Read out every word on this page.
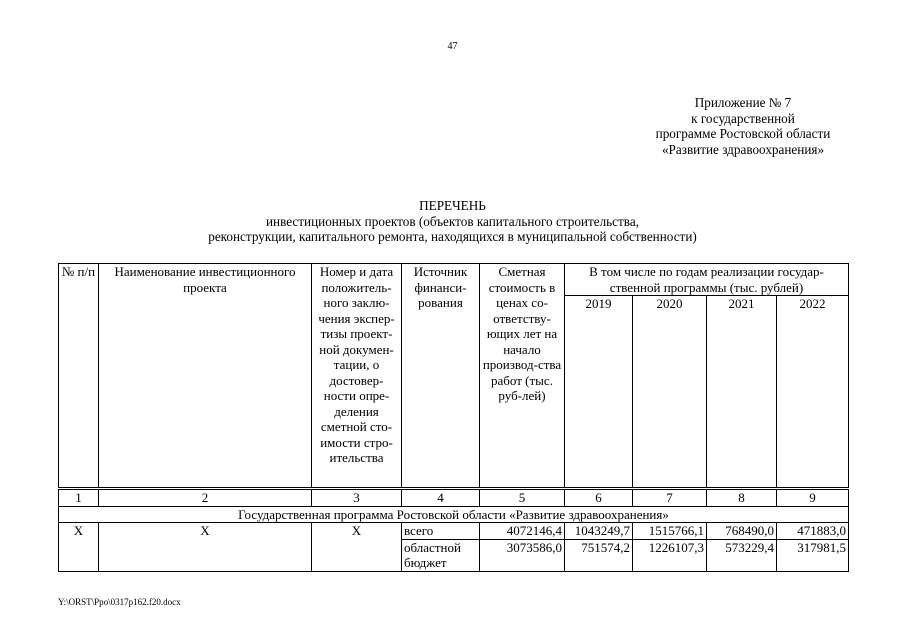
47
Приложение № 7
к государственной
программе Ростовской области
«Развитие здравоохранения»
ПЕРЕЧЕНЬ
инвестиционных проектов (объектов капитального строительства,
реконструкции, капитального ремонта, находящихся в муниципальной собственности)
№ п/п	Наименование инвестиционного проекта	Номер и дата положитель-ного заклю-чения экспер-тизы проект-ной докумен-тации, о достовер-ности опре-деления сметной сто-имости стро-ительства	Источник финанси-рования	Сметная стоимость в ценах со-ответству-ющих лет на начало производ-ства работ (тыс. руб-лей)	В том числе по годам реализации государ-ственной программы (тыс. рублей)			
					2019	2020	2021	2022
1	2	3	4	5	6	7	8	9
Государственная программа Ростовской области «Развитие здравоохранения»								
Х	Х	Х	всего	4072146,4	1043249,7	1515766,1	768490,0	471883,0
			областной бюджет	3073586,0	751574,2	1226107,3	573229,4	317981,5
Y:\ORST\Ppo\0317p162.f20.docx
